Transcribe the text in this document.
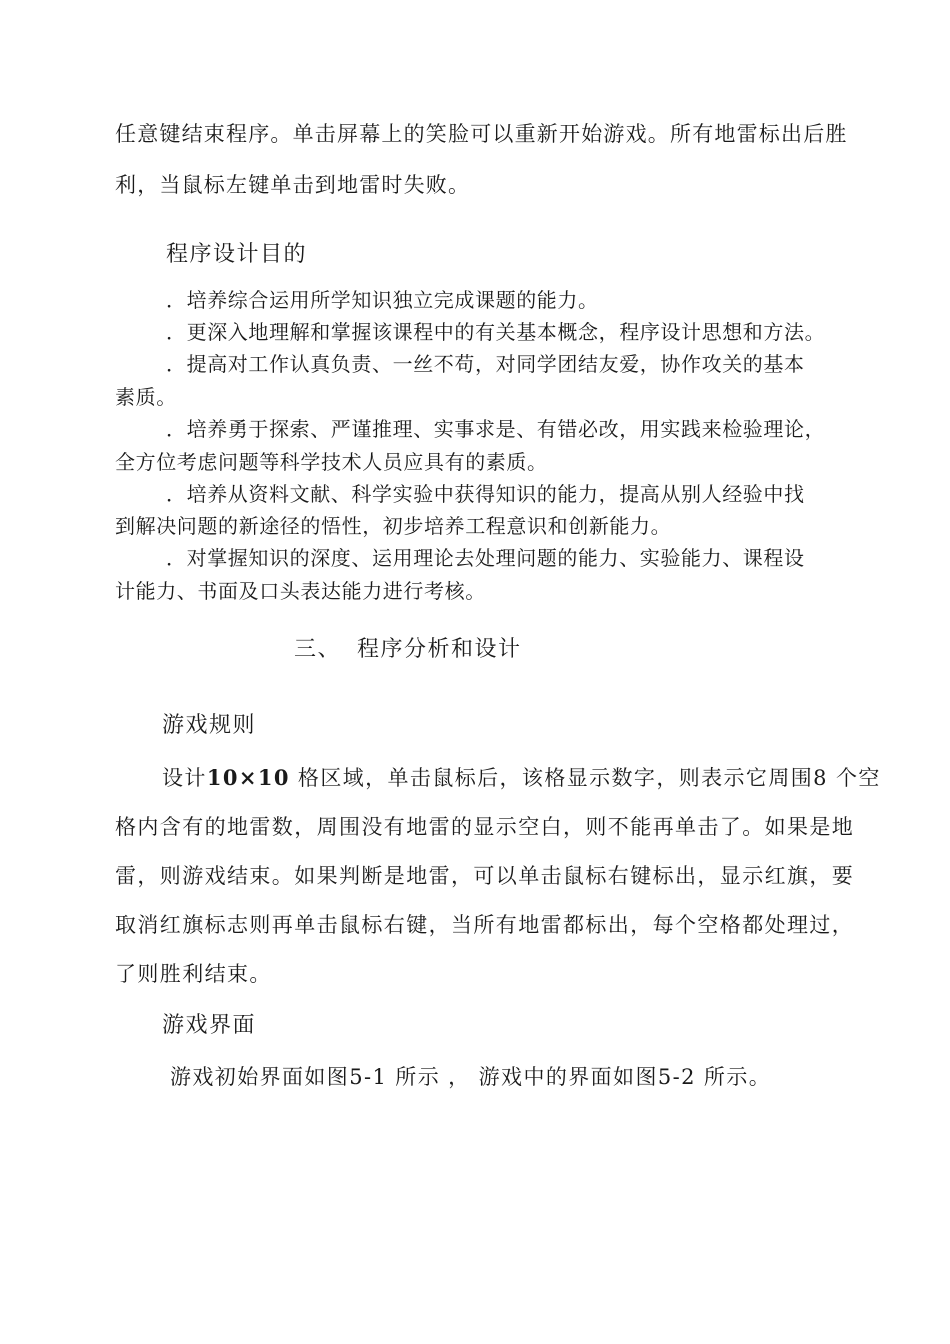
任意键结束程序。单击屏幕上的笑脸可以重新开始游戏。所有地雷标出后胜
利，当鼠标左键单击到地雷时失败。
程序设计目的
．培养综合运用所学知识独立完成课题的能力。
．更深入地理解和掌握该课程中的有关基本概念，程序设计思想和方法。
．提高对工作认真负责、一丝不苟，对同学团结友爱，协作攻关的基本
素质。
．培养勇于探索、严谨推理、实事求是、有错必改，用实践来检验理论，
全方位考虑问题等科学技术人员应具有的素质。
．培养从资料文献、科学实验中获得知识的能力，提高从别人经验中找
到解决问题的新途径的悟性，初步培养工程意识和创新能力。
．对掌握知识的深度、运用理论去处理问题的能力、实验能力、课程设
计能力、书面及口头表达能力进行考核。
三、 程序分析和设计
游戏规则
设计10×10 格区域，单击鼠标后，该格显示数字，则表示它周围8 个空
格内含有的地雷数，周围没有地雷的显示空白，则不能再单击了。如果是地
雷，则游戏结束。如果判断是地雷，可以单击鼠标右键标出，显示红旗，要
取消红旗标志则再单击鼠标右键，当所有地雷都标出，每个空格都处理过，
了则胜利结束。
游戏界面
游戏初始界面如图5-1 所示 ， 游戏中的界面如图5-2 所示。
